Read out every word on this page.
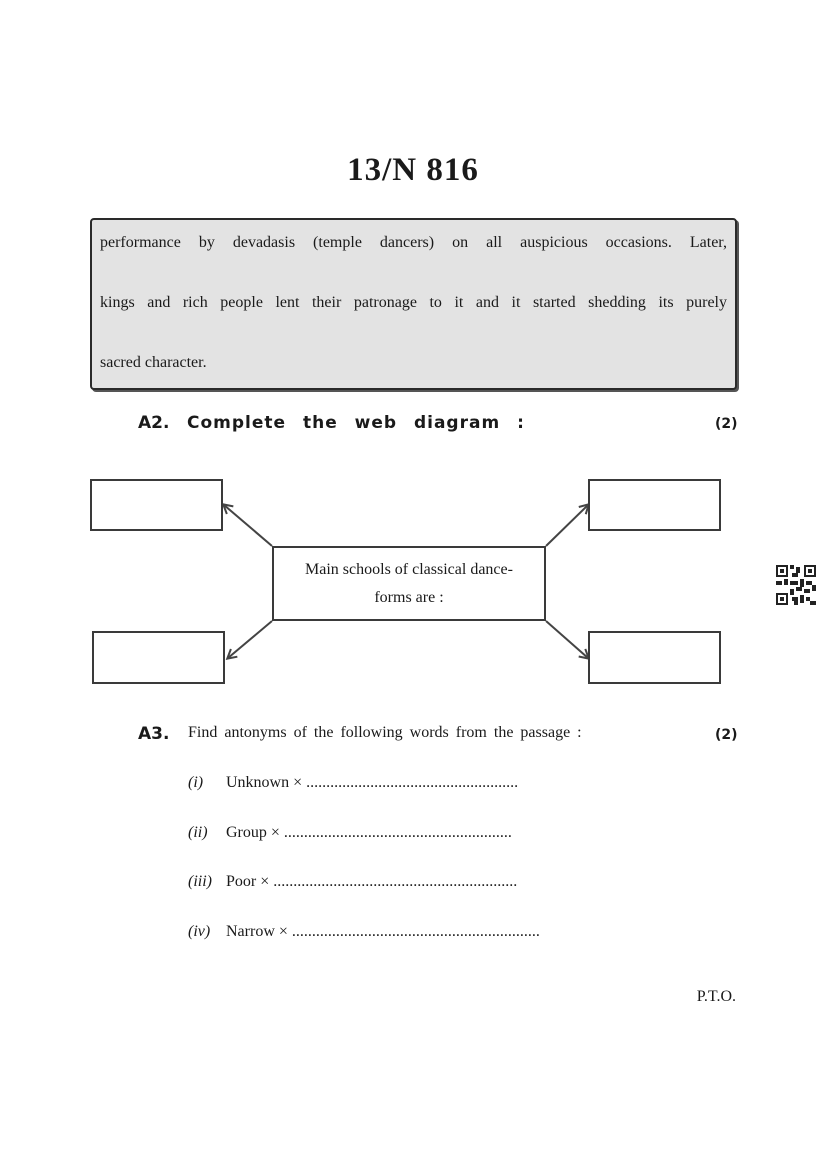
13/N 816

performance by devadasis (temple dancers) on all auspicious occasions. Later,

kings and rich people lent their patronage to it and it started shedding its purely

sacred character.

A2. Complete the web diagram :	(2)
Main schools of classical dance-
forms are :
A3. Find antonyms of the following words from the passage :	(2)
(i) Unknown × .....................................................
(ii) Group × .........................................................
(iii) Poor × .............................................................
(iv) Narrow × ..............................................................
P.T.O.
